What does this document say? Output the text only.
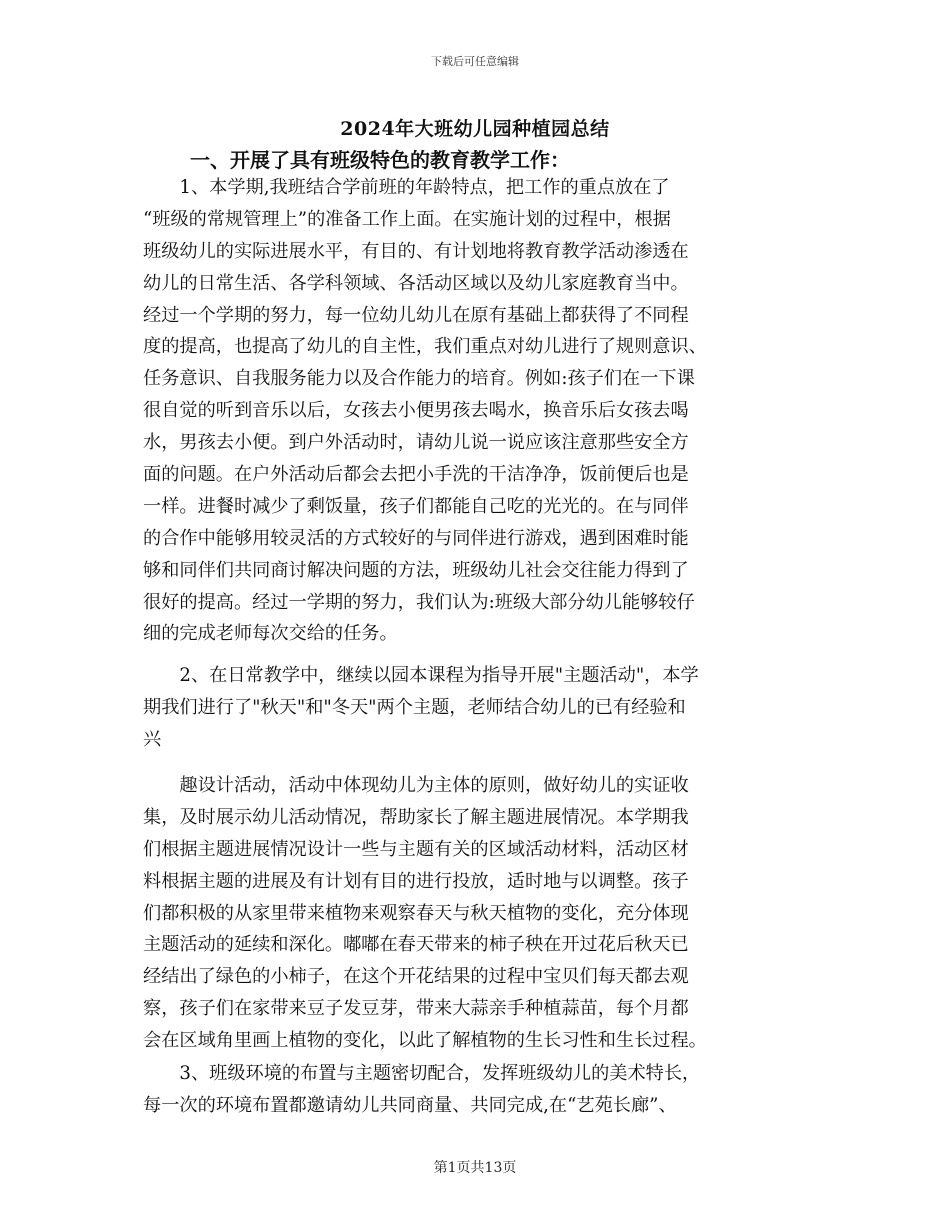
下载后可任意编辑
2024年大班幼儿园种植园总结
一、开展了具有班级特色的教育教学工作：
　　1、本学期,我班结合学前班的年龄特点，把工作的重点放在了
“班级的常规管理上”的准备工作上面。在实施计划的过程中，根据
班级幼儿的实际进展水平，有目的、有计划地将教育教学活动渗透在
幼儿的日常生活、各学科领域、各活动区域以及幼儿家庭教育当中。
经过一个学期的努力，每一位幼儿幼儿在原有基础上都获得了不同程
度的提高，也提高了幼儿的自主性，我们重点对幼儿进行了规则意识、
任务意识、自我服务能力以及合作能力的培育。例如:孩子们在一下课
很自觉的听到音乐以后，女孩去小便男孩去喝水，换音乐后女孩去喝
水，男孩去小便。到户外活动时，请幼儿说一说应该注意那些安全方
面的问题。在户外活动后都会去把小手洗的干洁净净，饭前便后也是
一样。进餐时减少了剩饭量，孩子们都能自己吃的光光的。在与同伴
的合作中能够用较灵活的方式较好的与同伴进行游戏，遇到困难时能
够和同伴们共同商讨解决问题的方法，班级幼儿社会交往能力得到了
很好的提高。经过一学期的努力，我们认为:班级大部分幼儿能够较仔
细的完成老师每次交给的任务。
　　2、在日常教学中，继续以园本课程为指导开展"主题活动"，本学
期我们进行了"秋天"和"冬天"两个主题，老师结合幼儿的已有经验和
兴
　　趣设计活动，活动中体现幼儿为主体的原则，做好幼儿的实证收
集，及时展示幼儿活动情况，帮助家长了解主题进展情况。本学期我
们根据主题进展情况设计一些与主题有关的区域活动材料，活动区材
料根据主题的进展及有计划有目的进行投放，适时地与以调整。孩子
们都积极的从家里带来植物来观察春天与秋天植物的变化，充分体现
主题活动的延续和深化。嘟嘟在春天带来的柿子秧在开过花后秋天已
经结出了绿色的小柿子，在这个开花结果的过程中宝贝们每天都去观
察，孩子们在家带来豆子发豆芽，带来大蒜亲手种植蒜苗，每个月都
会在区域角里画上植物的变化，以此了解植物的生长习性和生长过程。
　　3、班级环境的布置与主题密切配合，发挥班级幼儿的美术特长，
每一次的环境布置都邀请幼儿共同商量、共同完成,在“艺苑长廊”、
第1页共13页
